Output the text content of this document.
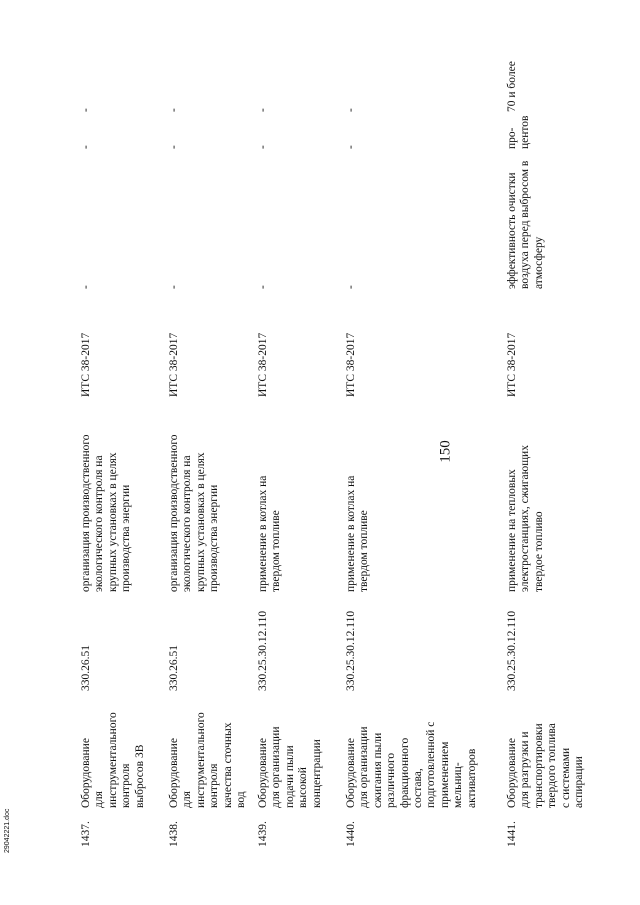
150
1437.
Оборудование для инструментального контроля выбросов ЗВ
330.26.51
организация производственного экологического контроля на крупных установках в целях производства энергии
ИТС 38-2017
-
-
-
1438.
Оборудование для инструментального контроля качества сточных вод
330.26.51
организация производственного экологического контроля на крупных установках в целях производства энергии
ИТС 38-2017
-
-
-
1439.
Оборудование для организации подачи пыли высокой концентрации
330.25.30.12.110
применение в котлах на твердом топливе
ИТС 38-2017
-
-
-
1440.
Оборудование для организации сжигания пыли различного фракционного состава, подготовленной с применением мельниц-активаторов
330.25.30.12.110
применение в котлах на твердом топливе
ИТС 38-2017
-
-
-
1441.
Оборудование для разгрузки и транспортировки твердого топлива с системами аспирации
330.25.30.12.110
применение на тепловых электростанциях, сжигающих твердое топливо
ИТС 38-2017
эффективность очистки воздуха перед выбросом в атмосферу
про-центов
70 и более
29042221.doc
